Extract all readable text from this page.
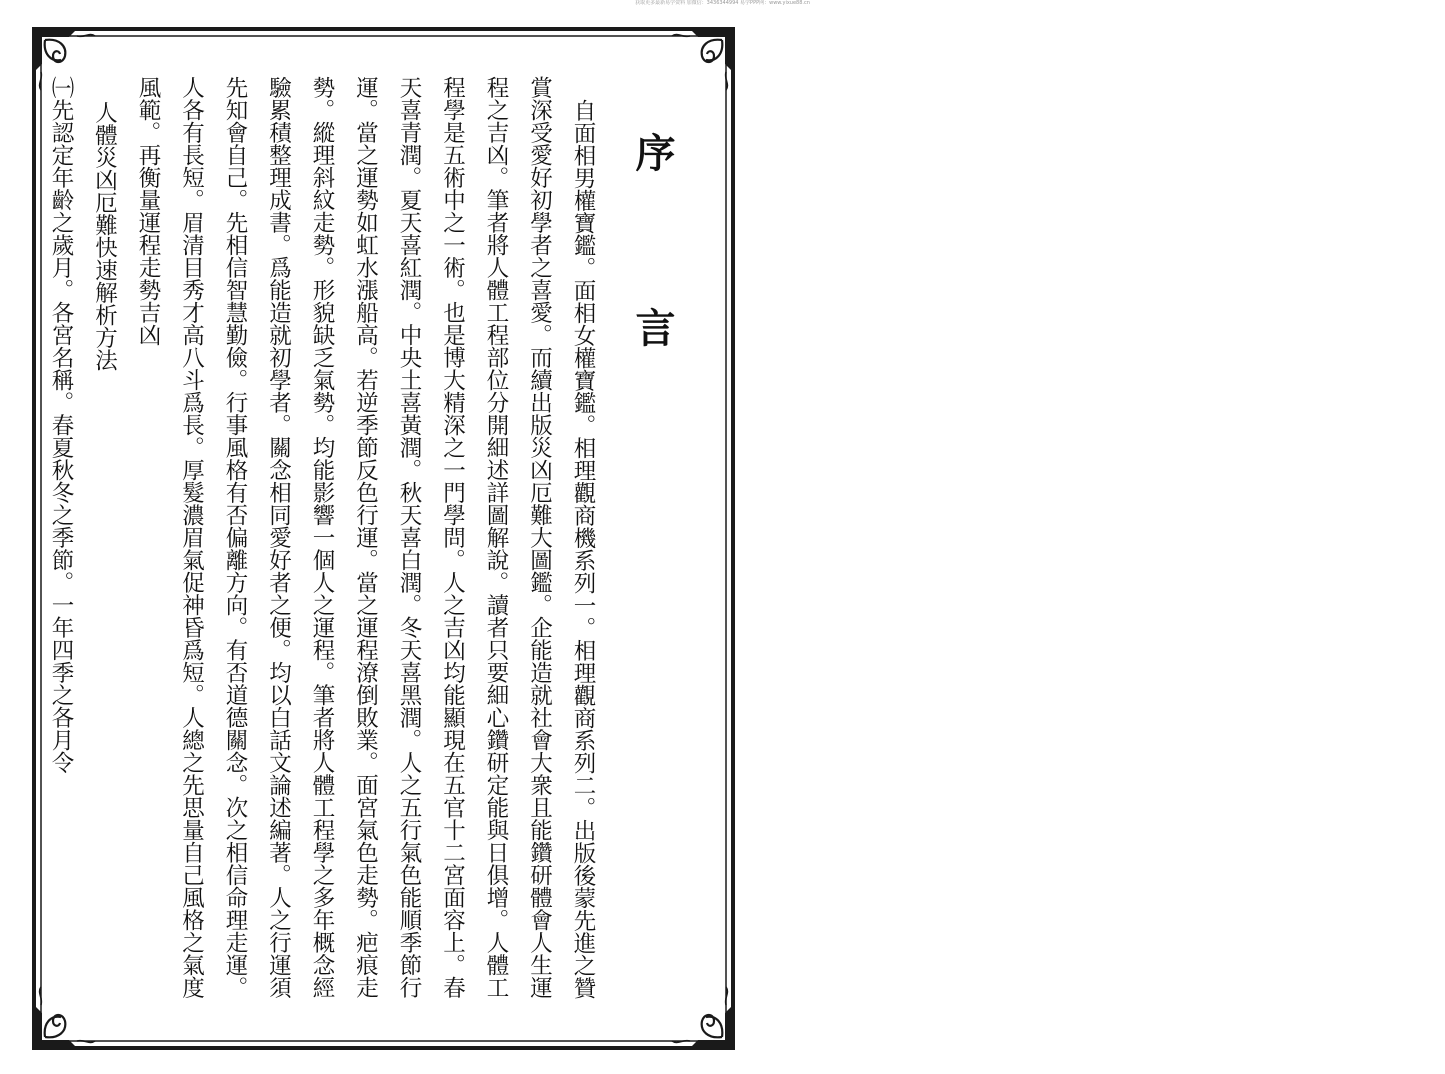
获取更多最新易学资料 加微信：3436344994 易学PPP网：www.yixue88.cn
序 言

自面相男權寶鑑。面相女權寶鑑。相理觀商機系列一。相理觀商系列二。出版後蒙先進之贊賞深受愛好初學者之喜愛。而續出版災凶厄難大圖鑑。企能造就社會大衆且能鑽研體會人生運程之吉凶。筆者將人體工程部位分開細述詳圖解說。讀者只要細心鑽研定能與日俱增。人體工程學是五術中之一術。也是博大精深之一門學問。人之吉凶均能顯現在五官十二宮面容上。春天喜青潤。夏天喜紅潤。中央土喜黃潤。秋天喜白潤。冬天喜黑潤。人之五行氣色能順季節行運。當之運勢如虹水漲船高。若逆季節反色行運。當之運程潦倒敗業。面宮氣色走勢。疤痕走勢。縱理斜紋走勢。形貌缺乏氣勢。均能影響一個人之運程。筆者將人體工程學之多年概念經驗累積整理成書。爲能造就初學者。關念相同愛好者之便。均以白話文論述編著。人之行運須先知會自己。先相信智慧勤儉。行事風格有否偏離方向。有否道德關念。次之相信命理走運。人各有長短。眉清目秀才高八斗爲長。厚髮濃眉氣促神昏爲短。人總之先思量自己風格之氣度風範。再衡量運程走勢吉凶

人體災凶厄難快速解析方法

㈠先認定年齡之歲月。各宮名稱。春夏秋冬之季節。一年四季之各月令
